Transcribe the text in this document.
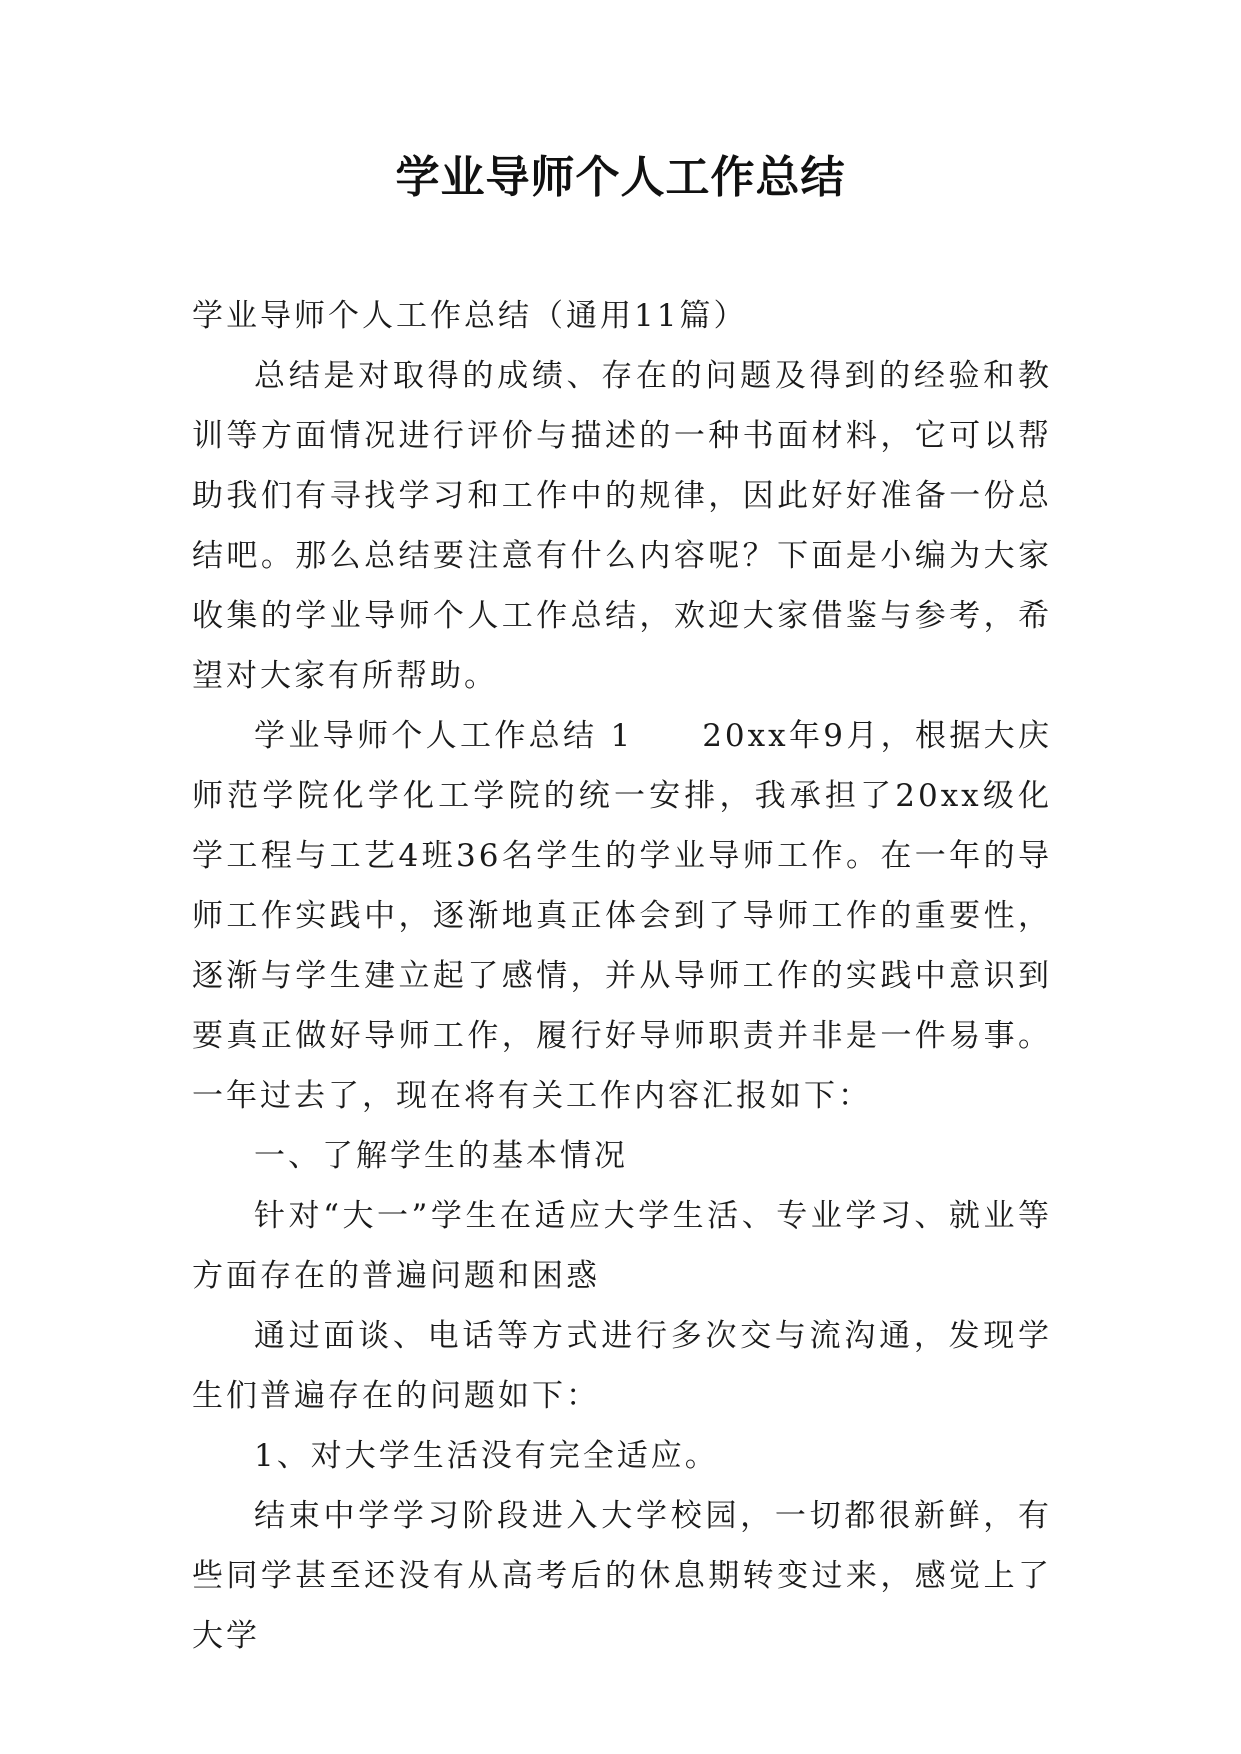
学业导师个人工作总结

学业导师个人工作总结（通用11篇）

总结是对取得的成绩、存在的问题及得到的经验和教训等方面情况进行评价与描述的一种书面材料，它可以帮助我们有寻找学习和工作中的规律，因此好好准备一份总结吧。那么总结要注意有什么内容呢？下面是小编为大家收集的学业导师个人工作总结，欢迎大家借鉴与参考，希望对大家有所帮助。

学业导师个人工作总结 1　　20xx年9月，根据大庆师范学院化学化工学院的统一安排，我承担了20xx级化学工程与工艺4班36名学生的学业导师工作。在一年的导师工作实践中，逐渐地真正体会到了导师工作的重要性，逐渐与学生建立起了感情，并从导师工作的实践中意识到要真正做好导师工作，履行好导师职责并非是一件易事。一年过去了，现在将有关工作内容汇报如下：

一、了解学生的基本情况

针对“大一”学生在适应大学生活、专业学习、就业等方面存在的普遍问题和困惑

通过面谈、电话等方式进行多次交与流沟通，发现学生们普遍存在的问题如下：

1、对大学生活没有完全适应。

结束中学学习阶段进入大学校园，一切都很新鲜，有些同学甚至还没有从高考后的休息期转变过来，感觉上了大学
